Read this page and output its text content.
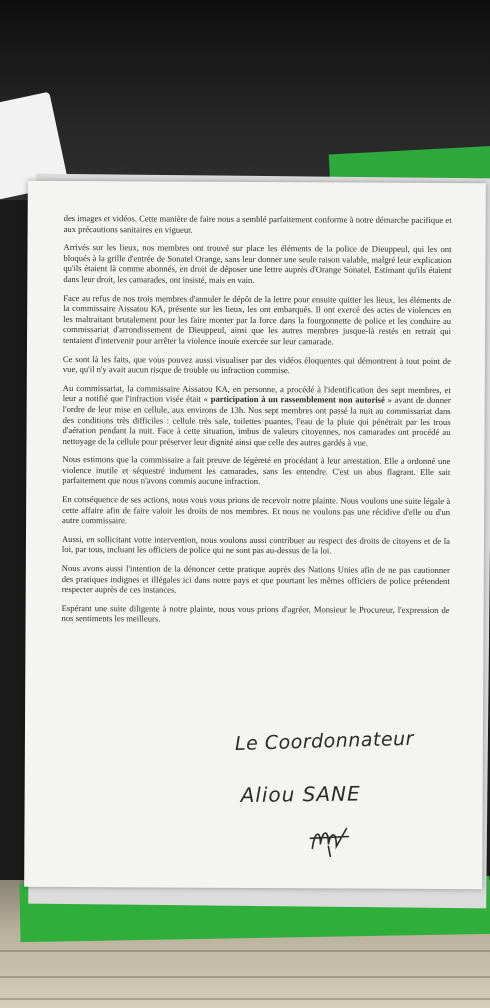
des images et vidéos. Cette manière de faire nous a semblé parfaitement conforme à notre démarche pacifique et aux précautions sanitaires en vigueur.

Arrivés sur les lieux, nos membres ont trouvé sur place les éléments de la police de Dieuppeul, qui les ont bloqués à la grille d'entrée de Sonatel Orange, sans leur donner une seule raison valable, malgré leur explication qu'ils étaient là comme abonnés, en droit de déposer une lettre auprès d'Orange Sonatel. Estimant qu'ils étaient dans leur droit, les camarades, ont insisté, mais en vain.

Face au refus de nos trois membres d'annuler le dépôt de la lettre pour ensuite quitter les lieux, les éléments de la commissaire Aissatou KA, présente sur les lieux, les ont embarqués. Il ont exercé des actes de violences en les maltraitant brutalement pour les faire monter par la force dans la fourgonnette de police et les conduire au commissariat d'arrondissement de Dieuppeul, ainsi que les autres membres jusque-là restés en retrait qui tentaient d'intervenir pour arrêter la violence inouïe exercée sur leur camarade.

Ce sont là les faits, que vous pouvez aussi visualiser par des vidéos éloquentes qui démontrent à tout point de vue, qu'il n'y avait aucun risque de trouble ou infraction commise.

Au commissariat, la commissaire Aissatou KA, en personne, a procédé à l'identification des sept membres, et leur a notifié que l'infraction visée était « participation à un rassemblement non autorisé » avant de donner l'ordre de leur mise en cellule, aux environs de 13h. Nos sept membres ont passé la nuit au commissariat dans des conditions très difficiles : cellule très sale, toilettes puantes, l'eau de la pluie qui pénétrait par les trous d'aération pendant la nuit. Face à cette situation, imbus de valeurs citoyennes, nos camarades ont procédé au nettoyage de la cellule pour préserver leur dignité ainsi que celle des autres gardés à vue.

Nous estimons que la commissaire a fait preuve de légèreté en procédant à leur arrestation. Elle a ordonné une violence inutile et séquestré indument les camarades, sans les entendre. C'est un abus flagrant. Elle sait parfaitement que nous n'avons commis aucune infraction.

En conséquence de ses actions, nous vous vous prions de recevoir notre plainte. Nous voulons une suite légale à cette affaire afin de faire valoir les droits de nos membres. Et nous ne voulons pas une récidive d'elle ou d'un autre commissaire.

Aussi, en sollicitant votre intervention, nous voulons aussi contribuer au respect des droits de citoyens et de la loi, par tous, incluant les officiers de police qui ne sont pas au-dessus de la loi.

Nous avons aussi l'intention de la dénoncer cette pratique auprès des Nations Unies afin de ne pas cautionner des pratiques indignes et illégales ici dans notre pays et que pourtant les mêmes officiers de police prétendent respecter auprès de ces instances.

Espérant une suite diligente à notre plainte, nous vous prions d'agréer, Monsieur le Procureur, l'expression de nos sentiments les meilleurs.

Le Coordonnateur
Aliou SANE
